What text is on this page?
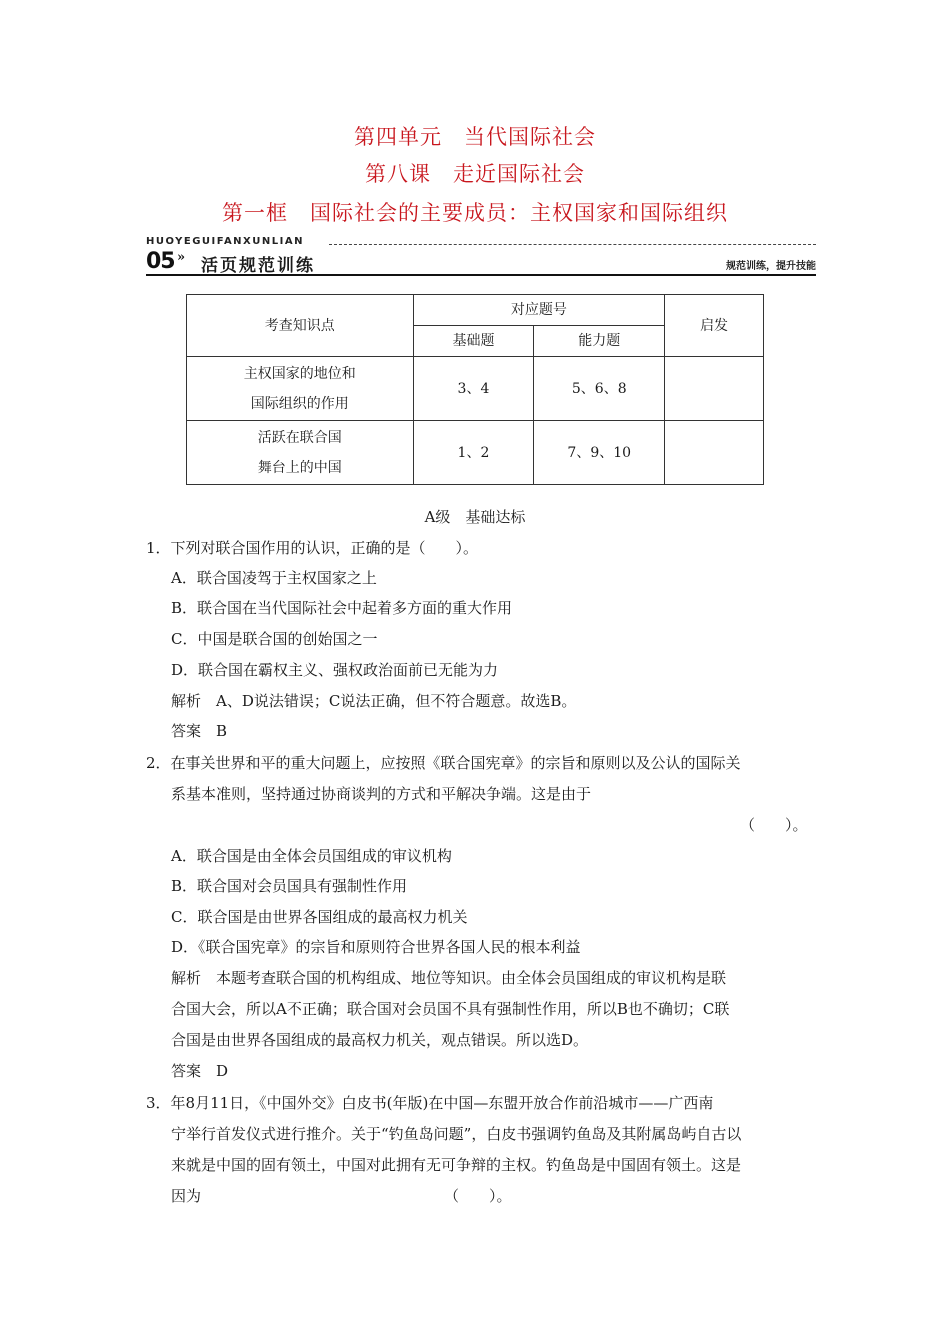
第四单元　当代国际社会
第八课　走近国际社会
第一框　国际社会的主要成员：主权国家和国际组织
HUOYEGUIFANXUNLIAN
05 » 活页规范训练	规范训练，提升技能
考查知识点	对应题号		启发
	基础题	能力题	

主权国家的地位和
国际组织的作用	3、4	5、6、8	

活跃在联合国
舞台上的中国	1、2	7、9、10	
A级　基础达标
1．下列对联合国作用的认识，正确的是（　　）。
A．联合国凌驾于主权国家之上
B．联合国在当代国际社会中起着多方面的重大作用
C．中国是联合国的创始国之一
D．联合国在霸权主义、强权政治面前已无能为力
解析　A、D说法错误；C说法正确，但不符合题意。故选B。
答案　B
2．在事关世界和平的重大问题上，应按照《联合国宪章》的宗旨和原则以及公认的国际关
系基本准则，坚持通过协商谈判的方式和平解决争端。这是由于
（　　）。
A．联合国是由全体会员国组成的审议机构
B．联合国对会员国具有强制性作用
C．联合国是由世界各国组成的最高权力机关
D．《联合国宪章》的宗旨和原则符合世界各国人民的根本利益
解析　本题考查联合国的机构组成、地位等知识。由全体会员国组成的审议机构是联
合国大会，所以A不正确；联合国对会员国不具有强制性作用，所以B也不确切；C联
合国是由世界各国组成的最高权力机关，观点错误。所以选D。
答案　D
3．年8月11日，《中国外交》白皮书(年版)在中国—东盟开放合作前沿城市——广西南
宁举行首发仪式进行推介。关于“钓鱼岛问题”，白皮书强调钓鱼岛及其附属岛屿自古以
来就是中国的固有领土，中国对此拥有无可争辩的主权。钓鱼岛是中国固有领土。这是
因为	（　　）。
